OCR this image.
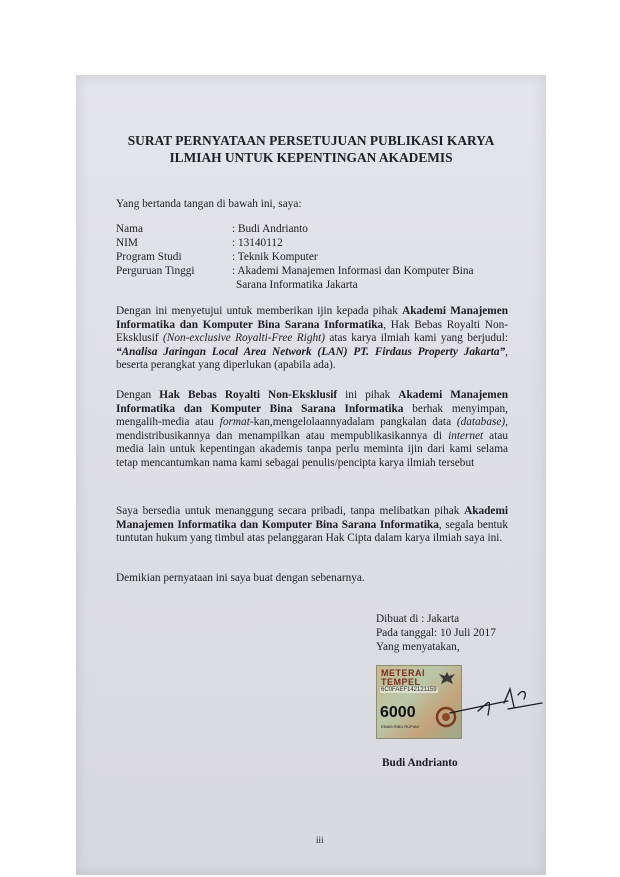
SURAT PERNYATAAN PERSETUJUAN PUBLIKASI KARYA
ILMIAH UNTUK KEPENTINGAN AKADEMIS
Yang bertanda tangan di bawah ini, saya:
Nama	: Budi Andrianto
NIM	: 13140112
Program Studi	: Teknik Komputer
Perguruan Tinggi	: Akademi Manajemen Informasi dan Komputer Bina
Sarana Informatika Jakarta
Dengan ini menyetujui untuk memberikan ijin kepada pihak Akademi Manajemen Informatika dan Komputer Bina Sarana Informatika, Hak Bebas Royalti Non-Eksklusif (Non-exclusive Royalti-Free Right) atas karya ilmiah kami yang berjudul: “Analisa Jaringan Local Area Network (LAN) PT. Firdaus Property Jakarta”, beserta perangkat yang diperlukan (apabila ada).
Dengan Hak Bebas Royalti Non-Eksklusif ini pihak Akademi Manajemen Informatika dan Komputer Bina Sarana Informatika berhak menyimpan, mengalih-media atau format-kan,mengelolaannyadalam pangkalan data (database), mendistribusikannya dan menampilkan atau mempublikasikannya di internet atau media lain untuk kepentingan akademis tanpa perlu meminta ijin dari kami selama tetap mencantumkan nama kami sebagai penulis/pencipta karya ilmiah tersebut
Saya bersedia untuk menanggung secara pribadi, tanpa melibatkan pihak Akademi Manajemen Informatika dan Komputer Bina Sarana Informatika, segala bentuk tuntutan hukum yang timbul atas pelanggaran Hak Cipta dalam karya ilmiah saya ini.
Demikian pernyataan ini saya buat dengan sebenarnya.
Dibuat di : Jakarta
Pada tanggal: 10 Juli 2017
Yang menyatakan,
METERAI
TEMPEL
6C0FAEF142121159
6000
ENAM RIBU RUPIAH
Budi Andrianto
iii
